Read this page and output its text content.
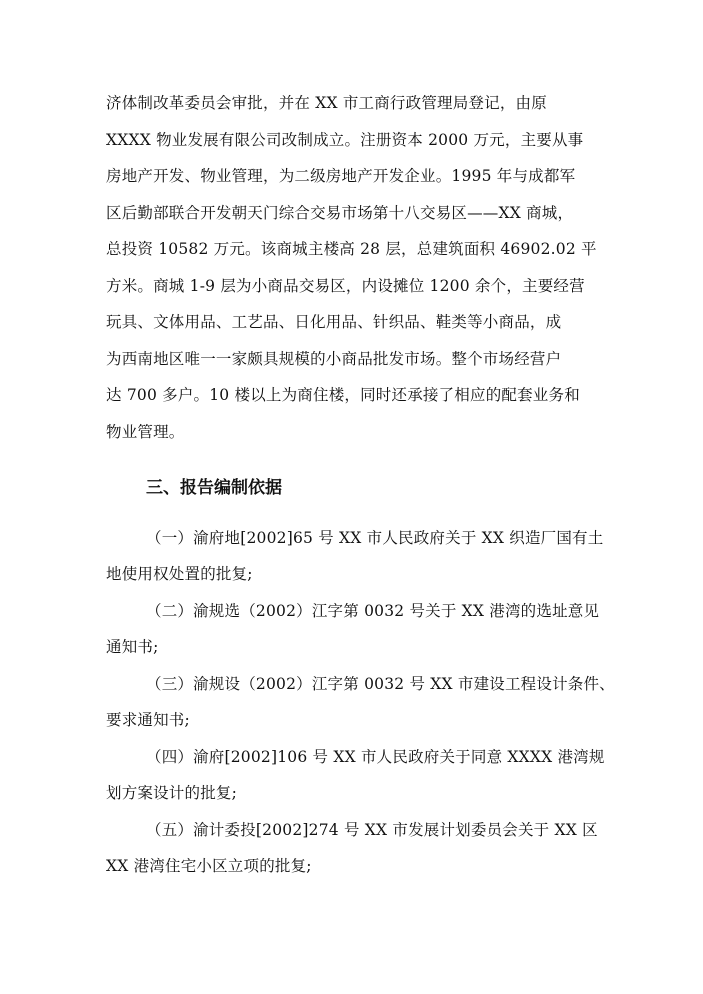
济体制改革委员会审批，并在 XX 市工商行政管理局登记，由原
XXXX 物业发展有限公司改制成立。注册资本 2000 万元，主要从事
房地产开发、物业管理，为二级房地产开发企业。1995 年与成都军
区后勤部联合开发朝天门综合交易市场第十八交易区——XX 商城，
总投资 10582 万元。该商城主楼高 28 层，总建筑面积 46902.02 平
方米。商城 1-9 层为小商品交易区，内设摊位 1200 余个，主要经营
玩具、文体用品、工艺品、日化用品、针织品、鞋类等小商品，成
为西南地区唯一一家颇具规模的小商品批发市场。整个市场经营户
达 700 多户。10 楼以上为商住楼，同时还承接了相应的配套业务和
物业管理。
三、报告编制依据
（一）渝府地[2002]65 号 XX 市人民政府关于 XX 织造厂国有土
地使用权处置的批复;
（二）渝规选（2002）江字第 0032 号关于 XX 港湾的选址意见
通知书;
（三）渝规设（2002）江字第 0032 号 XX 市建设工程设计条件、
要求通知书;
（四）渝府[2002]106 号 XX 市人民政府关于同意 XXXX 港湾规
划方案设计的批复;
（五）渝计委投[2002]274 号 XX 市发展计划委员会关于 XX 区
XX 港湾住宅小区立项的批复;
